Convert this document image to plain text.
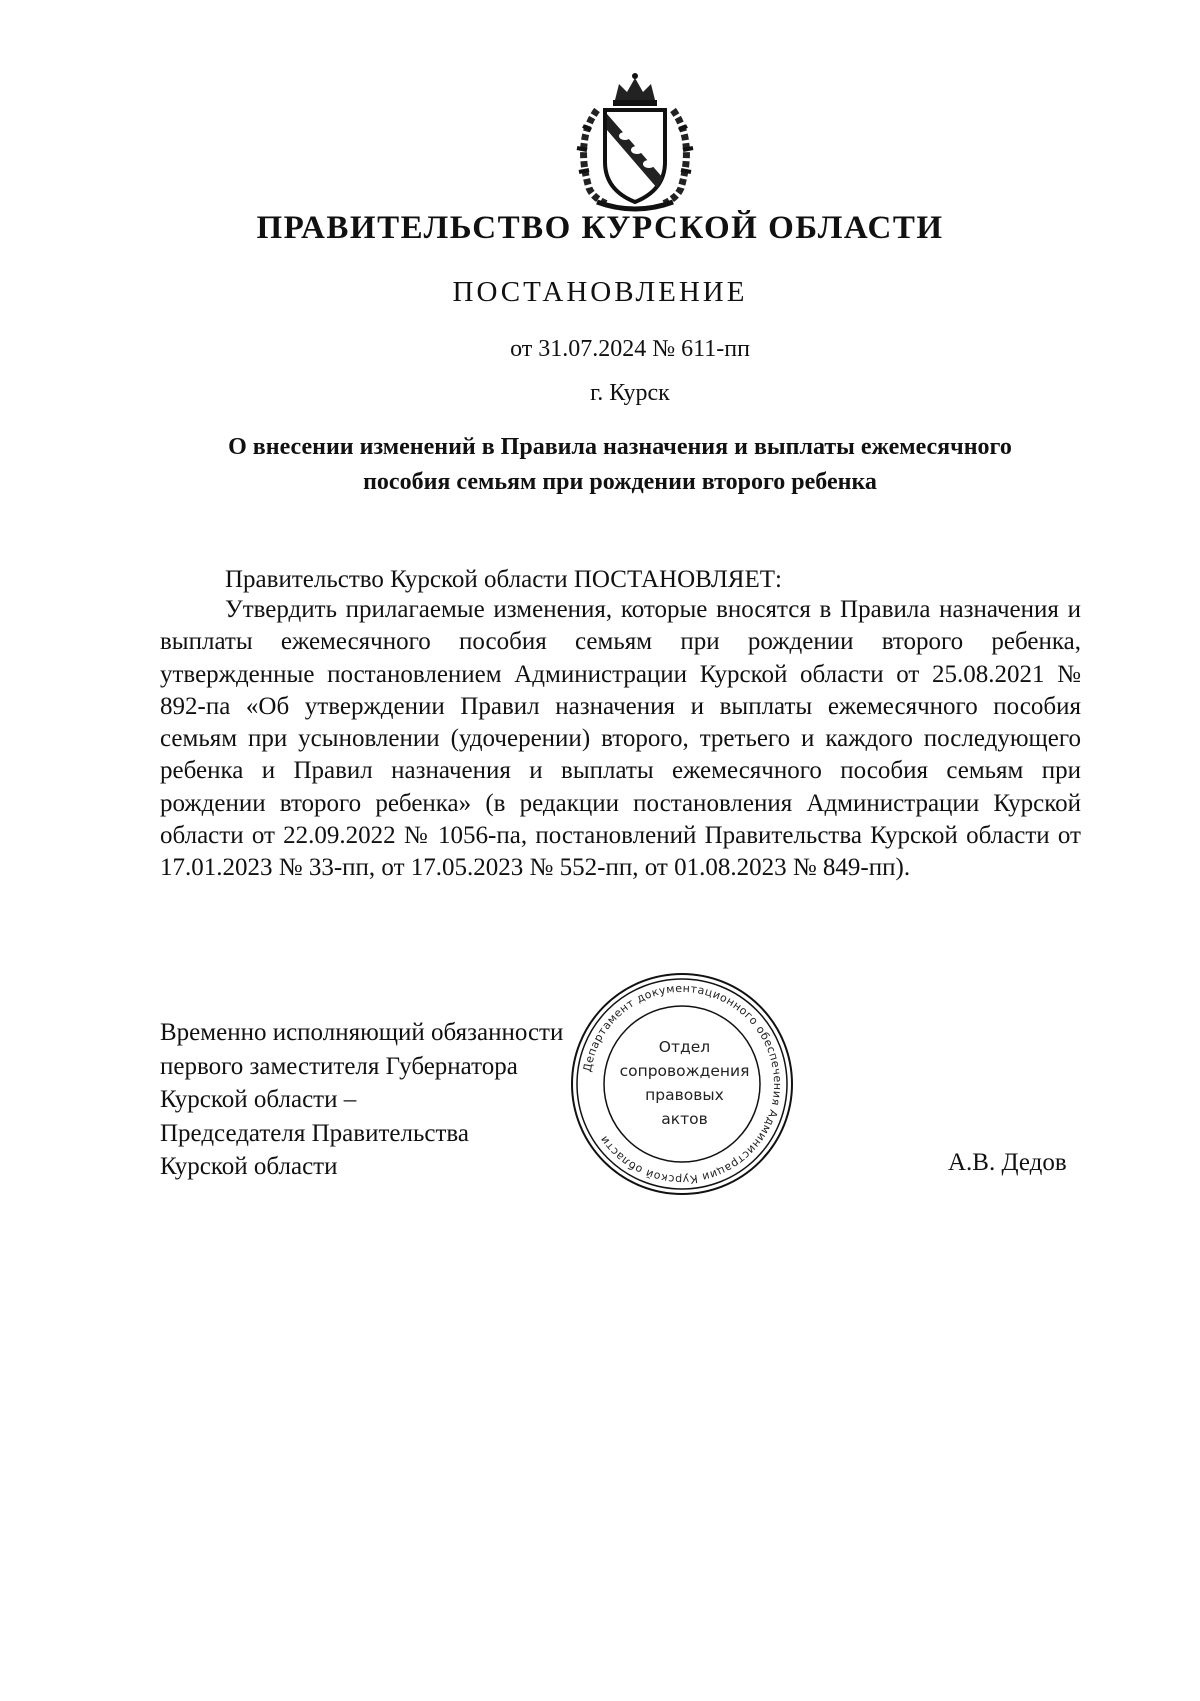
ПРАВИТЕЛЬСТВО КУРСКОЙ ОБЛАСТИ
ПОСТАНОВЛЕНИЕ
от 31.07.2024 № 611-пп
г. Курск
О внесении изменений в Правила назначения и выплаты ежемесячного
пособия семьям при рождении второго ребенка
Правительство Курской области ПОСТАНОВЛЯЕТ:

Утвердить прилагаемые изменения, которые вносятся в Правила назначения и выплаты ежемесячного пособия семьям при рождении второго ребенка, утвержденные постановлением Администрации Курской области от 25.08.2021 № 892-па «Об утверждении Правил назначения и выплаты ежемесячного пособия семьям при усыновлении (удочерении) второго, третьего и каждого последующего ребенка и Правил назначения и выплаты ежемесячного пособия семьям при рождении второго ребенка» (в редакции постановления Администрации Курской области от 22.09.2022 № 1056-па, постановлений Правительства Курской области от 17.01.2023 № 33-пп, от 17.05.2023 № 552-пп, от 01.08.2023 № 849-пп).

Временно исполняющий обязанности
первого заместителя Губернатора
Курской области –
Председателя Правительства
Курской области
Департамент документационного обеспечения Администрации Курской области
Отдел
сопровождения
правовых
актов
А.В. Дедов
